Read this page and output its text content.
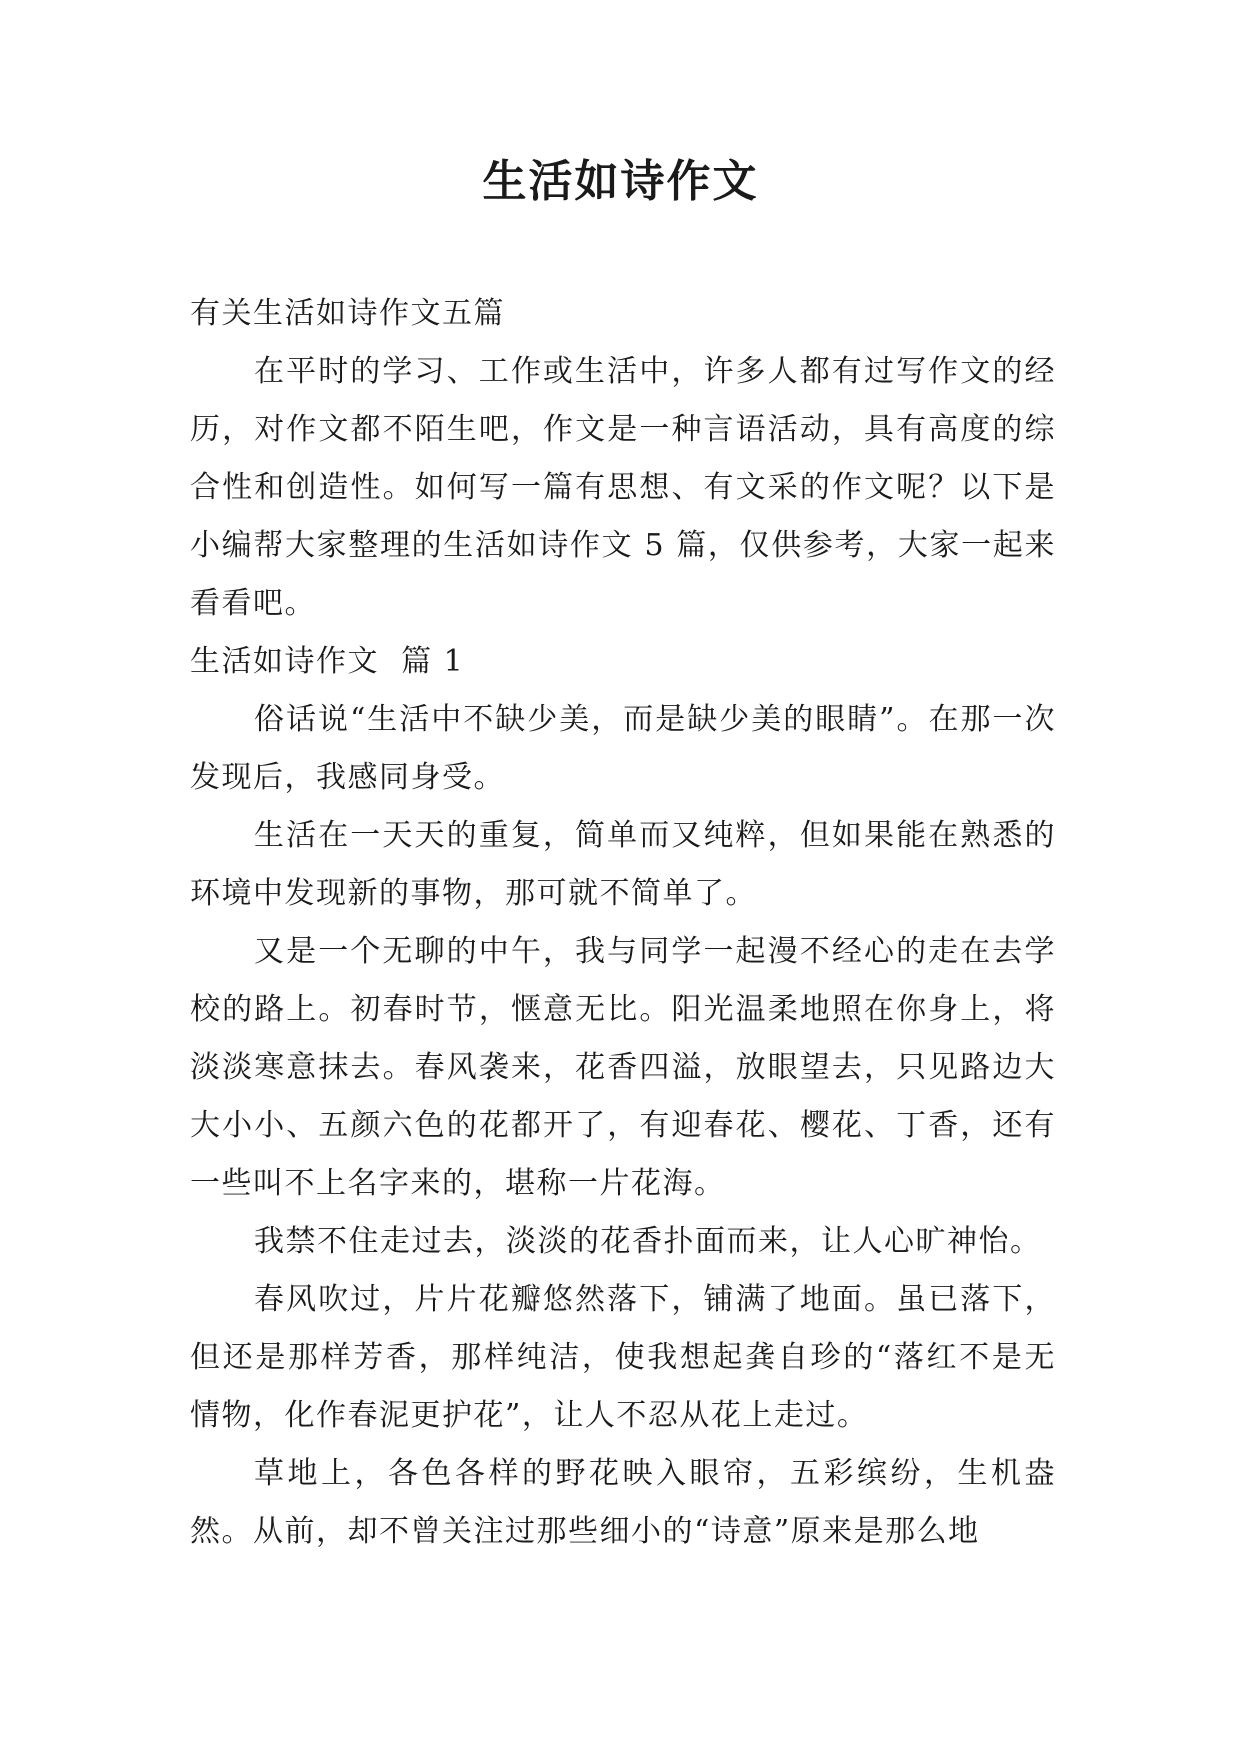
生活如诗作文

有关生活如诗作文五篇

在平时的学习、工作或生活中，许多人都有过写作文的经历，对作文都不陌生吧，作文是一种言语活动，具有高度的综合性和创造性。如何写一篇有思想、有文采的作文呢？以下是小编帮大家整理的生活如诗作文 5 篇，仅供参考，大家一起来看看吧。

生活如诗作文  篇 1

俗话说“生活中不缺少美，而是缺少美的眼睛”。在那一次发现后，我感同身受。

生活在一天天的重复，简单而又纯粹，但如果能在熟悉的环境中发现新的事物，那可就不简单了。

又是一个无聊的中午，我与同学一起漫不经心的走在去学校的路上。初春时节，惬意无比。阳光温柔地照在你身上，将淡淡寒意抹去。春风袭来，花香四溢，放眼望去，只见路边大大小小、五颜六色的花都开了，有迎春花、樱花、丁香，还有一些叫不上名字来的，堪称一片花海。

我禁不住走过去，淡淡的花香扑面而来，让人心旷神怡。

春风吹过，片片花瓣悠然落下，铺满了地面。虽已落下，但还是那样芳香，那样纯洁，使我想起龚自珍的“落红不是无情物，化作春泥更护花”，让人不忍从花上走过。

草地上，各色各样的野花映入眼帘，五彩缤纷，生机盎然。从前，却不曾关注过那些细小的“诗意”原来是那么地
